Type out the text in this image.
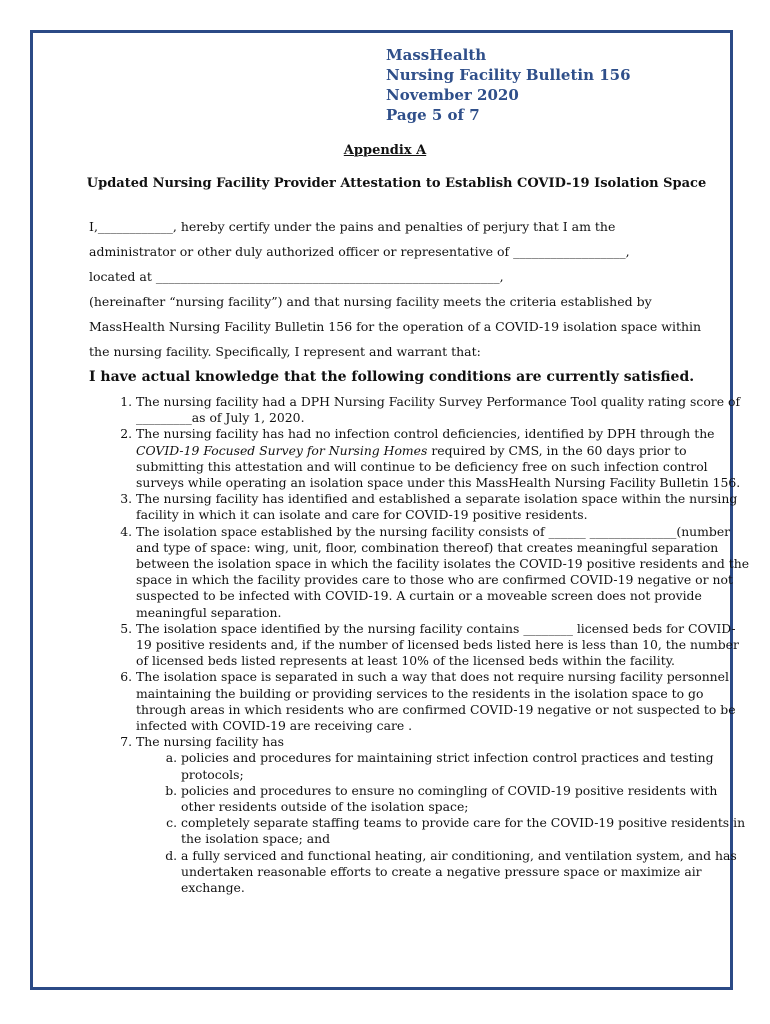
MassHealth
Nursing Facility Bulletin 156
November 2020
Page 5 of 7
Appendix A
Updated Nursing Facility Provider Attestation to Establish COVID-19 Isolation Space

I,____________, hereby certify under the pains and penalties of perjury that I am the

administrator or other duly authorized officer or representative of __________________,

located at _______________________________________________________,

(hereinafter “nursing facility”) and that nursing facility meets the criteria established by MassHealth Nursing Facility Bulletin 156 for the operation of a COVID-19 isolation space within the nursing facility. Specifically, I represent and warrant that:

I have actual knowledge that the following conditions are currently satisfied.
1. The nursing facility had a DPH Nursing Facility Survey Performance Tool quality rating score of _________as of July 1, 2020.
2. The nursing facility has had no infection control deficiencies, identified by DPH through the COVID-19 Focused Survey for Nursing Homes required by CMS, in the 60 days prior to submitting this attestation and will continue to be deficiency free on such infection control surveys while operating an isolation space under this MassHealth Nursing Facility Bulletin 156.
3. The nursing facility has identified and established a separate isolation space within the nursing facility in which it can isolate and care for COVID-19 positive residents.
4. The isolation space established by the nursing facility consists of ______ ______________(number and type of space: wing, unit, floor, combination thereof) that creates meaningful separation between the isolation space in which the facility isolates the COVID-19 positive residents and the space in which the facility provides care to those who are confirmed COVID-19 negative or not suspected to be infected with COVID-19. A curtain or a moveable screen does not provide meaningful separation.
5. The isolation space identified by the nursing facility contains ________ licensed beds for COVID-19 positive residents and, if the number of licensed beds listed here is less than 10, the number of licensed beds listed represents at least 10% of the licensed beds within the facility.
6. The isolation space is separated in such a way that does not require nursing facility personnel maintaining the building or providing services to the residents in the isolation space to go through areas in which residents who are confirmed COVID-19 negative or not suspected to be infected with COVID-19 are receiving care .
7. The nursing facility has
a. policies and procedures for maintaining strict infection control practices and testing protocols;
b. policies and procedures to ensure no comingling of COVID-19 positive residents with other residents outside of the isolation space;
c. completely separate staffing teams to provide care for the COVID-19 positive residents in the isolation space; and
d. a fully serviced and functional heating, air conditioning, and ventilation system, and has undertaken reasonable efforts to create a negative pressure space or maximize air exchange.
